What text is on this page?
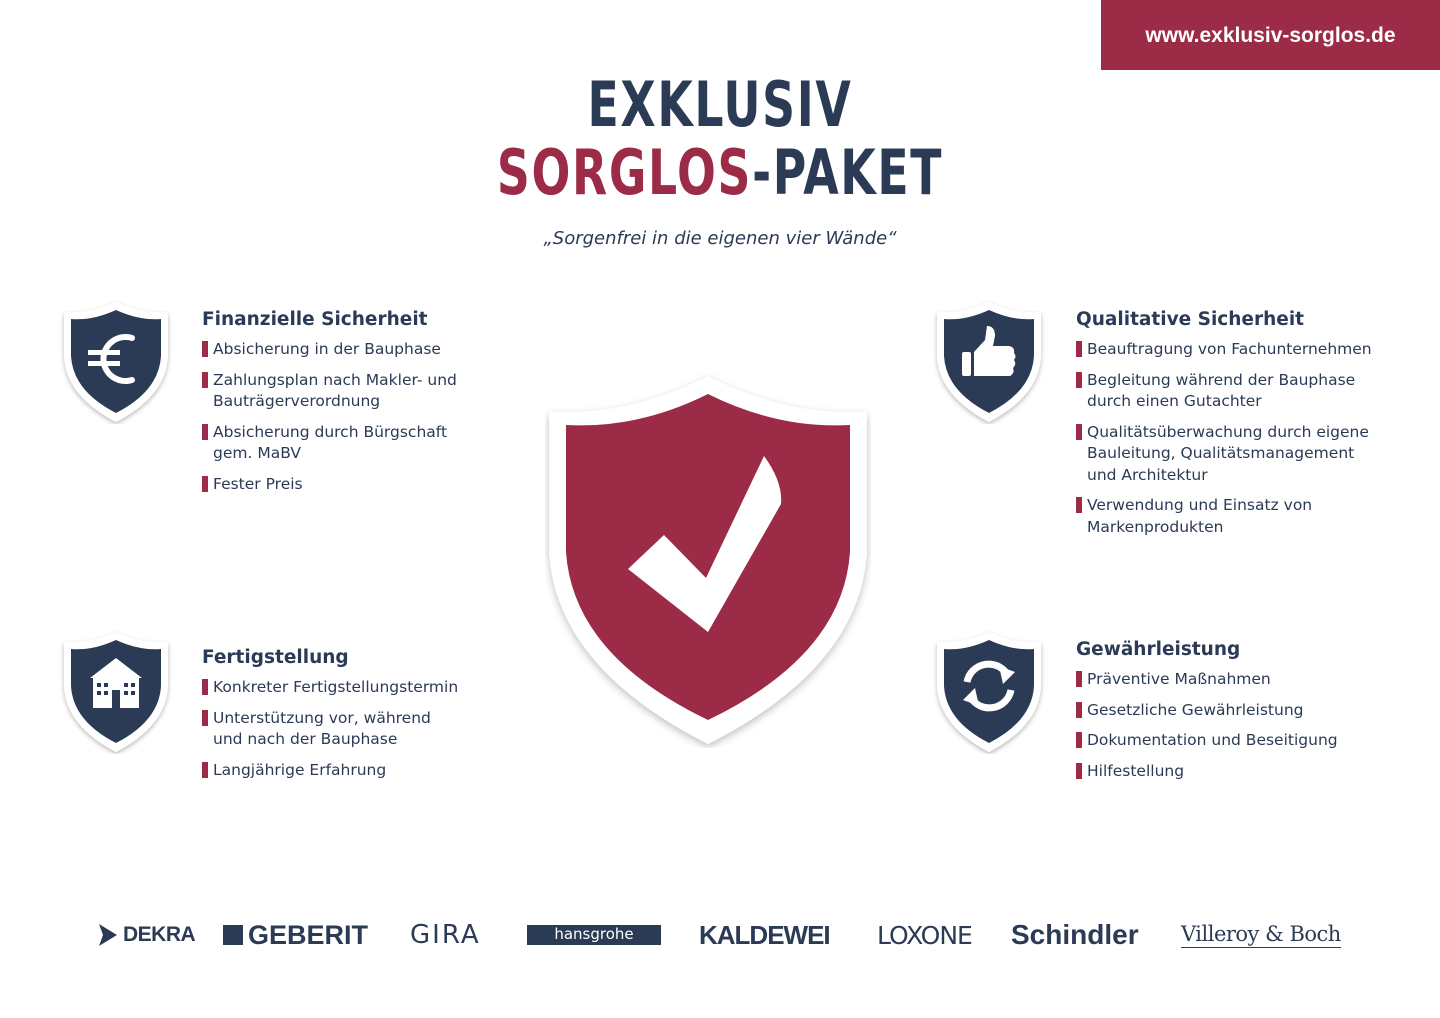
www.exklusiv-sorglos.de
EXKLUSIV
SORGLOS-PAKET
„Sorgenfrei in die eigenen vier Wände“
Finanzielle Sicherheit
Absicherung in der Bauphase
Zahlungsplan nach Makler- und Bauträgerverordnung
Absicherung durch Bürgschaft gem. MaBV
Fester Preis
Fertigstellung
Konkreter Fertigstellungstermin
Unterstützung vor, während und nach der Bauphase
Langjährige Erfahrung
Qualitative Sicherheit
Beauftragung von Fachunternehmen
Begleitung während der Bauphase durch einen Gutachter
Qualitätsüberwachung durch eigene Bauleitung, Qualitätsmanagement und Architektur
Verwendung und Einsatz von Markenprodukten
Gewährleistung
Präventive Maßnahmen
Gesetzliche Gewährleistung
Dokumentation und Beseitigung
Hilfestellung
DEKRA GEBERIT GIRA	hansgrohe	KALDEWEI LOXONE Schindler Villeroy & Boch
